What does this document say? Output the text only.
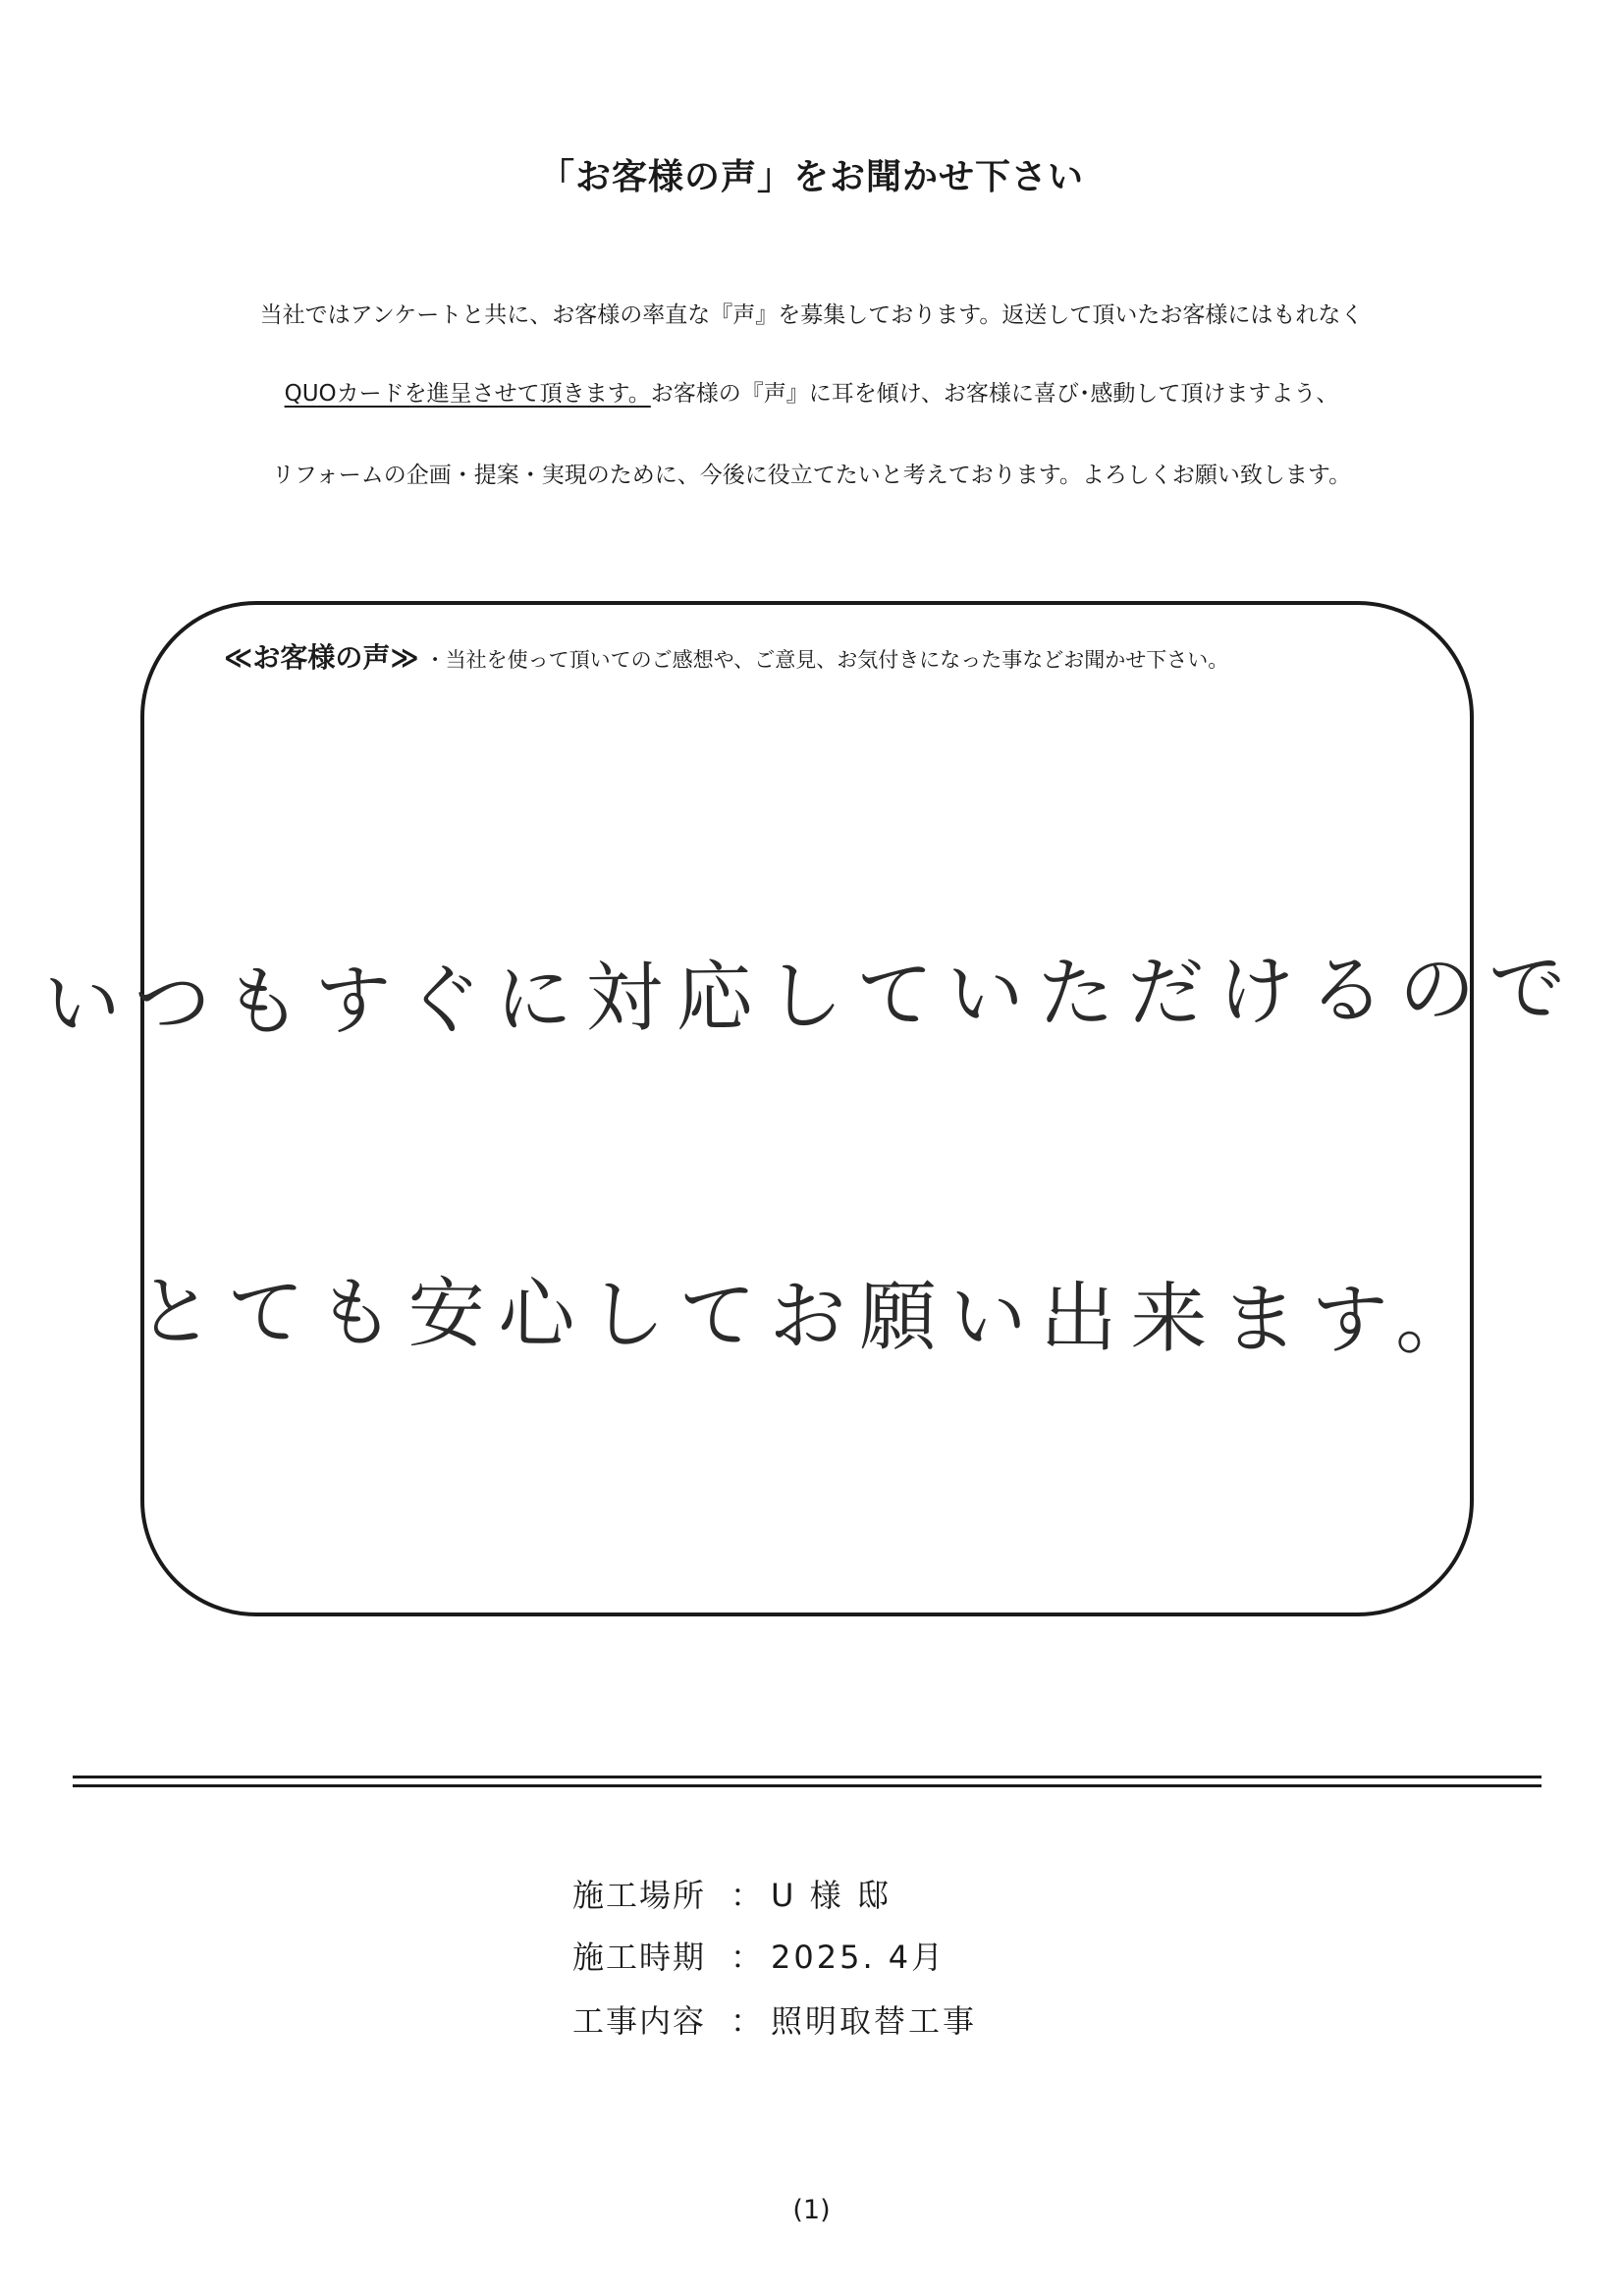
「お客様の声」をお聞かせ下さい
当社ではアンケートと共に、お客様の率直な『声』を募集しております。返送して頂いたお客様にはもれなく
QUOカードを進呈させて頂きます。お客様の『声』に耳を傾け、お客様に喜び･感動して頂けますよう、
リフォームの企画・提案・実現のために、今後に役立てたいと考えております。よろしくお願い致します。
≪お客様の声≫ ・当社を使って頂いてのご感想や、ご意見、お気付きになった事などお聞かせ下さい。
いつもすぐに対応していただけるので
とても安心してお願い出来ます。
施工場所 ： U 様 邸
施工時期 ： 2025. 4月
工事内容 ： 照明取替工事
(1)
